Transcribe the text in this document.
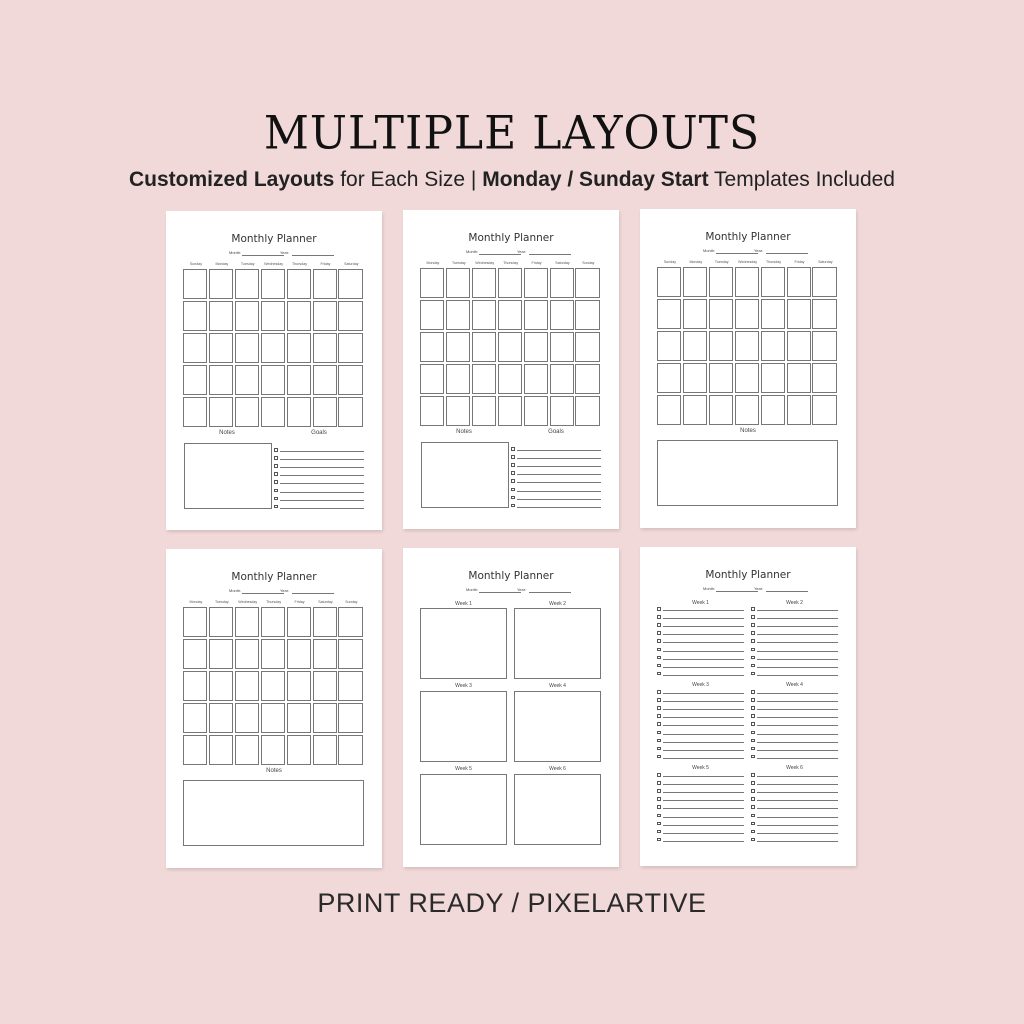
MULTIPLE LAYOUTS
Customized Layouts for Each Size | Monday / Sunday Start Templates Included
Monthly Planner
Month:	Year:
Sunday	Monday	Tuesday	Wednesday	Thursday	Friday	Saturday
Notes	Goals
Monthly Planner
Month:	Year:
Monday	Tuesday	Wednesday	Thursday	Friday	Saturday	Sunday
Notes	Goals
Monthly Planner
Month:	Year:
Sunday	Monday	Tuesday	Wednesday	Thursday	Friday	Saturday
Notes
Monthly Planner
Month:	Year:
Monday	Tuesday	Wednesday	Thursday	Friday	Saturday	Sunday
Notes
Monthly Planner
Month:	Year:
Week 1	Week 2
Week 3	Week 4
Week 5	Week 6
Monthly Planner
Month:	Year:
Week 1	Week 2
Week 3	Week 4
Week 5	Week 6
PRINT READY / PIXELARTIVE
